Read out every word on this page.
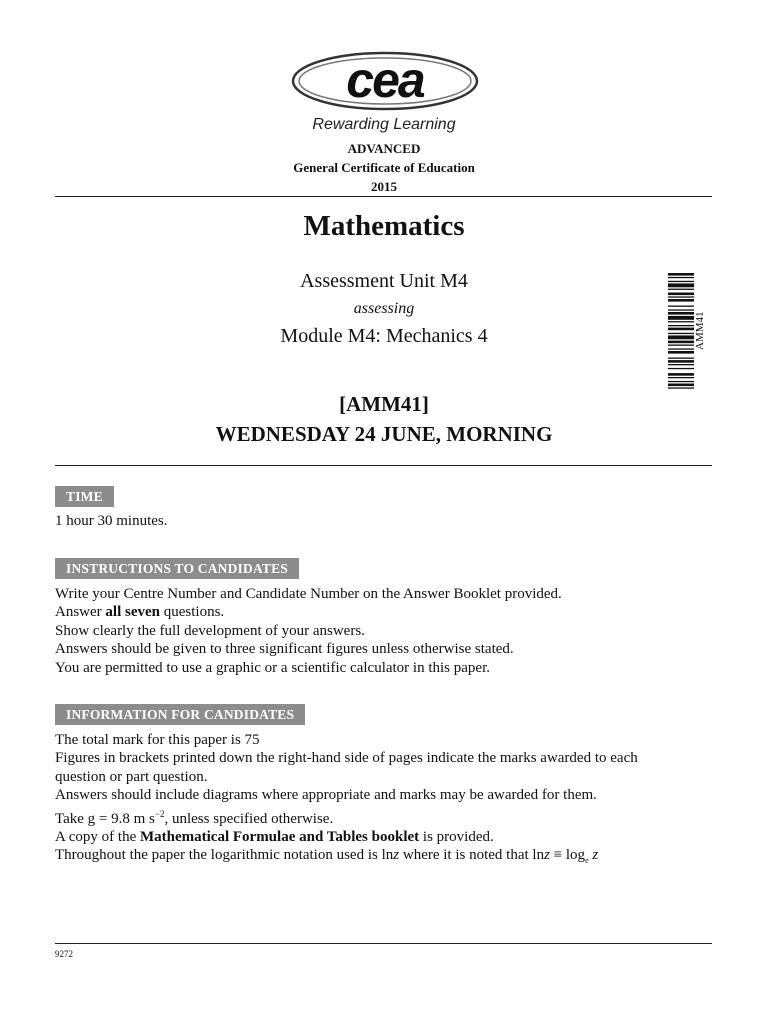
cea
Rewarding Learning
ADVANCED
General Certificate of Education
2015
Mathematics
Assessment Unit M4
assessing
Module M4: Mechanics 4
[AMM41]
WEDNESDAY 24 JUNE, MORNING
AMM41
TIME
1 hour 30 minutes.
INSTRUCTIONS TO CANDIDATES
Write your Centre Number and Candidate Number on the Answer Booklet provided.
Answer all seven questions.
Show clearly the full development of your answers.
Answers should be given to three significant figures unless otherwise stated.
You are permitted to use a graphic or a scientific calculator in this paper.
INFORMATION FOR CANDIDATES
The total mark for this paper is 75
Figures in brackets printed down the right-hand side of pages indicate the marks awarded to each
question or part question.
Answers should include diagrams where appropriate and marks may be awarded for them.
Take g = 9.8 m $s^{-2}$, unless specified otherwise.
A copy of the Mathematical Formulae and Tables booklet is provided.
Throughout the paper the logarithmic notation used is lnz where it is noted that $\ln z \equiv \log_e z$
9272
